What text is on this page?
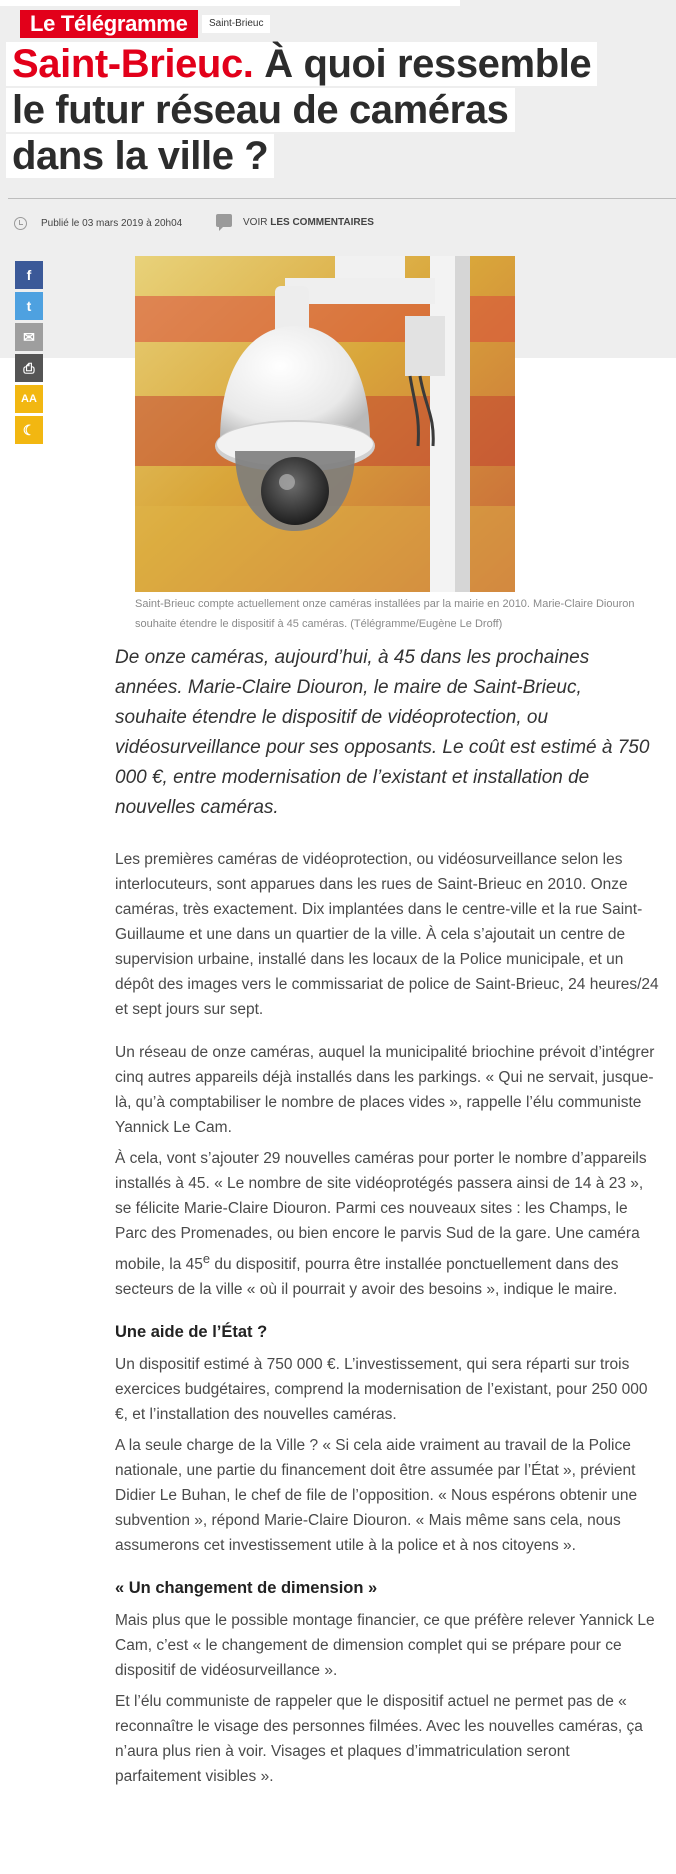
Le Télégramme	Saint-Brieuc
Saint-Brieuc. À quoi ressemble
le futur réseau de caméras
dans la ville ?
Publié le 03 mars 2019 à 20h04	VOIR LES COMMENTAIRES
f
t
✉
⎙
AA
☾

Saint-Brieuc compte actuellement onze caméras installées par la mairie en 2010. Marie-Claire Diouron souhaite étendre le dispositif à 45 caméras. (Télégramme/Eugène Le Droff)

De onze caméras, aujourd’hui, à 45 dans les prochaines années. Marie-Claire Diouron, le maire de Saint-Brieuc, souhaite étendre le dispositif de vidéoprotection, ou vidéosurveillance pour ses opposants. Le coût est estimé à 750 000 €, entre modernisation de l’existant et installation de nouvelles caméras.

Les premières caméras de vidéoprotection, ou vidéosurveillance selon les interlocuteurs, sont apparues dans les rues de Saint-Brieuc en 2010. Onze caméras, très exactement. Dix implantées dans le centre-ville et la rue Saint-Guillaume et une dans un quartier de la ville. À cela s’ajoutait un centre de supervision urbaine, installé dans les locaux de la Police municipale, et un dépôt des images vers le commissariat de police de Saint-Brieuc, 24 heures/24 et sept jours sur sept.

Un réseau de onze caméras, auquel la municipalité briochine prévoit d’intégrer cinq autres appareils déjà installés dans les parkings. « Qui ne servait, jusque-là, qu’à comptabiliser le nombre de places vides », rappelle l’élu communiste Yannick Le Cam.

À cela, vont s’ajouter 29 nouvelles caméras pour porter le nombre d’appareils installés à 45. « Le nombre de site vidéoprotégés passera ainsi de 14 à 23 », se félicite Marie-Claire Diouron. Parmi ces nouveaux sites : les Champs, le Parc des Promenades, ou bien encore le parvis Sud de la gare. Une caméra mobile, la 45e du dispositif, pourra être installée ponctuellement dans des secteurs de la ville « où il pourrait y avoir des besoins », indique le maire.

Une aide de l’État ?

Un dispositif estimé à 750 000 €. L’investissement, qui sera réparti sur trois exercices budgétaires, comprend la modernisation de l’existant, pour 250 000 €, et l’installation des nouvelles caméras.

A la seule charge de la Ville ? « Si cela aide vraiment au travail de la Police nationale, une partie du financement doit être assumée par l’État », prévient Didier Le Buhan, le chef de file de l’opposition. « Nous espérons obtenir une subvention », répond Marie-Claire Diouron. « Mais même sans cela, nous assumerons cet investissement utile à la police et à nos citoyens ».

« Un changement de dimension »

Mais plus que le possible montage financier, ce que préfère relever Yannick Le Cam, c’est « le changement de dimension complet qui se prépare pour ce dispositif de vidéosurveillance ».

Et l’élu communiste de rappeler que le dispositif actuel ne permet pas de « reconnaître le visage des personnes filmées. Avec les nouvelles caméras, ça n’aura plus rien à voir. Visages et plaques d’immatriculation seront parfaitement visibles ».
